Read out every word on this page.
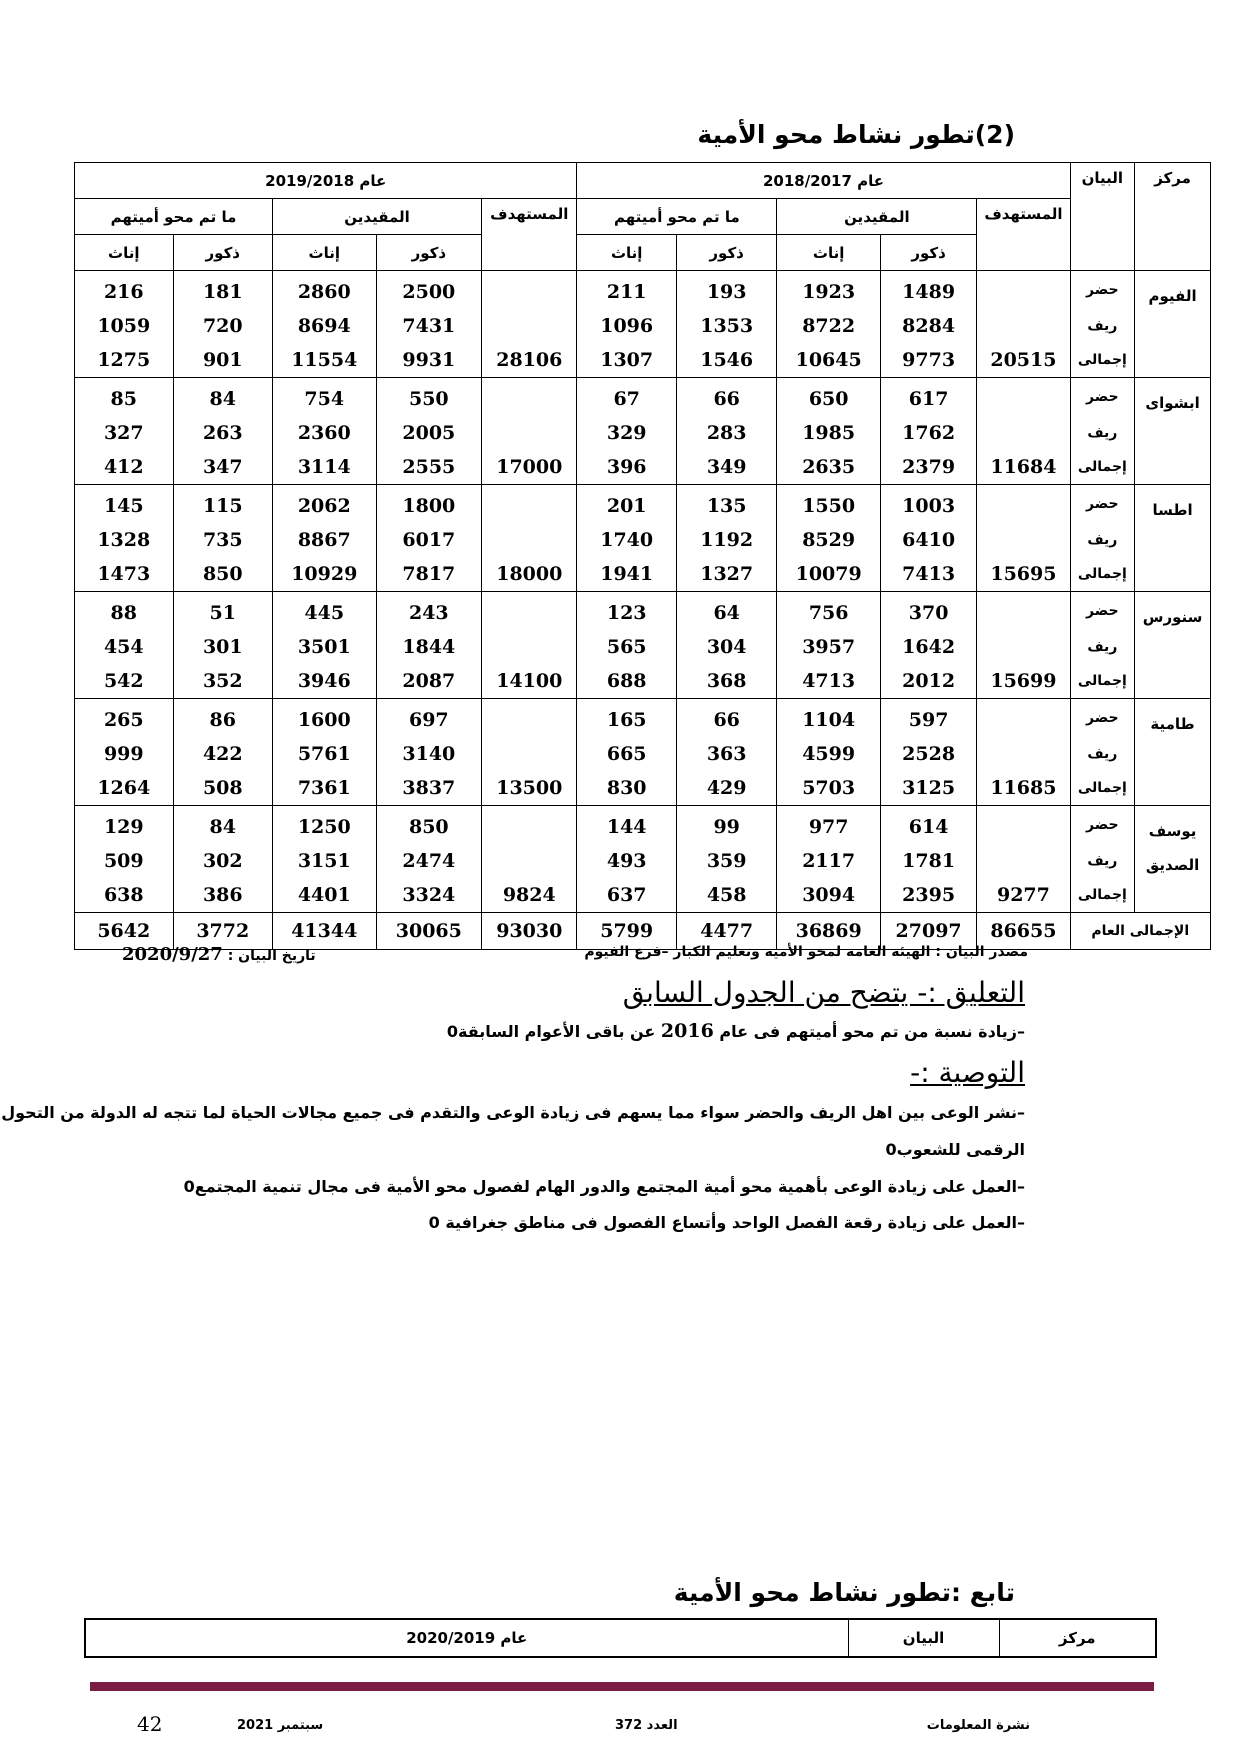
(2)تطور نشاط محو الأمية
مركز	البيان	عام 2018/2017					عام 2019/2018				
		المستهدف	المقيدين		ما تم محو أميتهم		المستهدف	المقيدين		ما تم محو أميتهم	
			ذكور	إناث	ذكور	إناث		ذكور	إناث	ذكور	إناث
الفيوم	حضر		1489	1923	193	211		2500	2860	181	216
	ريف		8284	8722	1353	1096		7431	8694	720	1059
	إجمالى	20515	9773	10645	1546	1307	28106	9931	11554	901	1275
ابشواى	حضر		617	650	66	67		550	754	84	85
	ريف		1762	1985	283	329		2005	2360	263	327
	إجمالى	11684	2379	2635	349	396	17000	2555	3114	347	412
اطسا	حضر		1003	1550	135	201		1800	2062	115	145
	ريف		6410	8529	1192	1740		6017	8867	735	1328
	إجمالى	15695	7413	10079	1327	1941	18000	7817	10929	850	1473
سنورس	حضر		370	756	64	123		243	445	51	88
	ريف		1642	3957	304	565		1844	3501	301	454
	إجمالى	15699	2012	4713	368	688	14100	2087	3946	352	542
طامية	حضر		597	1104	66	165		697	1600	86	265
	ريف		2528	4599	363	665		3140	5761	422	999
	إجمالى	11685	3125	5703	429	830	13500	3837	7361	508	1264
يوسف الصديق	حضر		614	977	99	144		850	1250	84	129
	ريف		1781	2117	359	493		2474	3151	302	509
	إجمالى	9277	2395	3094	458	637	9824	3324	4401	386	638
الإجمالى العام		86655	27097	36869	4477	5799	93030	30065	41344	3772	5642
مصدر البيان : الهيئة العامة لمحو الأمية وتعليم الكبار –فرع الفيوم
تاريخ البيان : 2020/9/27
التعليق :- يتضح من الجدول السابق
–زيادة نسبة من تم محو أميتهم فى عام 2016 عن باقى الأعوام السابقة0
التوصية :-
–نشر الوعى بين اهل الريف والحضر سواء مما يسهم فى زيادة الوعى والتقدم فى جميع مجالات الحياة لما تتجه له الدولة من التحول
الرقمى للشعوب0
–العمل على زيادة الوعى بأهمية محو أمية المجتمع والدور الهام لفصول محو الأمية فى مجال تنمية المجتمع0
–العمل على زيادة رقعة الفصل الواحد وأتساع الفصول فى مناطق جغرافية 0
تابع :تطور نشاط محو الأمية
مركز	البيان	عام 2020/2019
نشرة المعلومات
العدد 372
سبتمبر 2021
42
